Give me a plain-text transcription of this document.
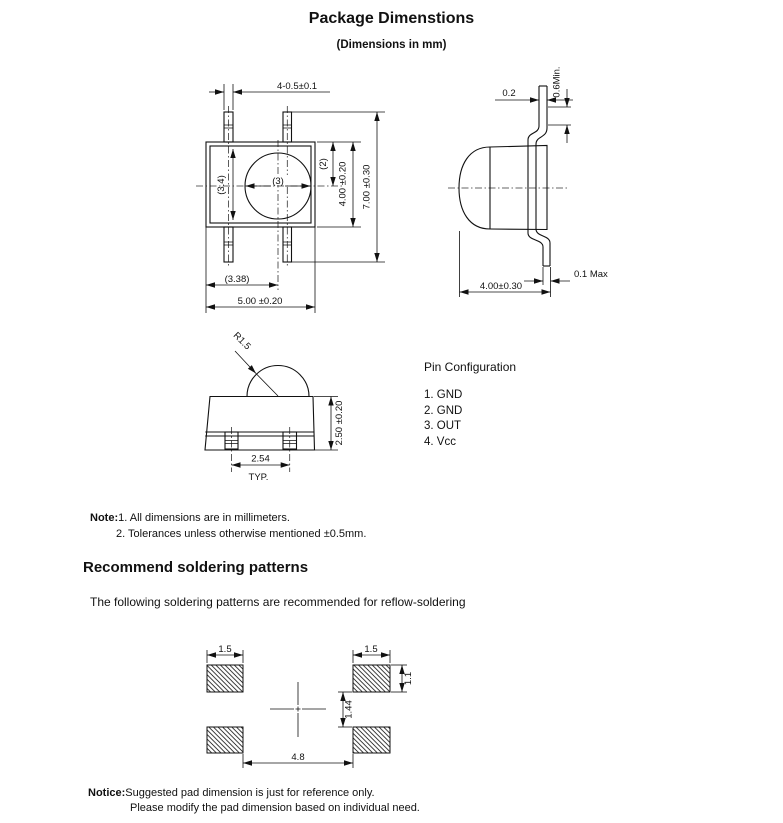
Package Dimenstions
(Dimensions in mm)
4-0.5±0.1
(3.4)	(3)
(2) 4.00 ±0.20 7.00 ±0.30
(3.38)
5.00 ±0.20
0.2	0.6Min.
0.1 Max
4.00±0.30
R1.5
2.50 ±0.20
2.54
TYP.
Pin Configuration
1. GND
2. GND
3. OUT
4. Vcc
Note:1. All dimensions are in millimeters.
2. Tolerances unless otherwise mentioned ±0.5mm.
Recommend soldering patterns
The following soldering patterns are recommended for reflow-soldering
1.5	1.5
1.1
1.44
4.8
Notice:Suggested pad dimension is just for reference only.
Please modify the pad dimension based on individual need.
